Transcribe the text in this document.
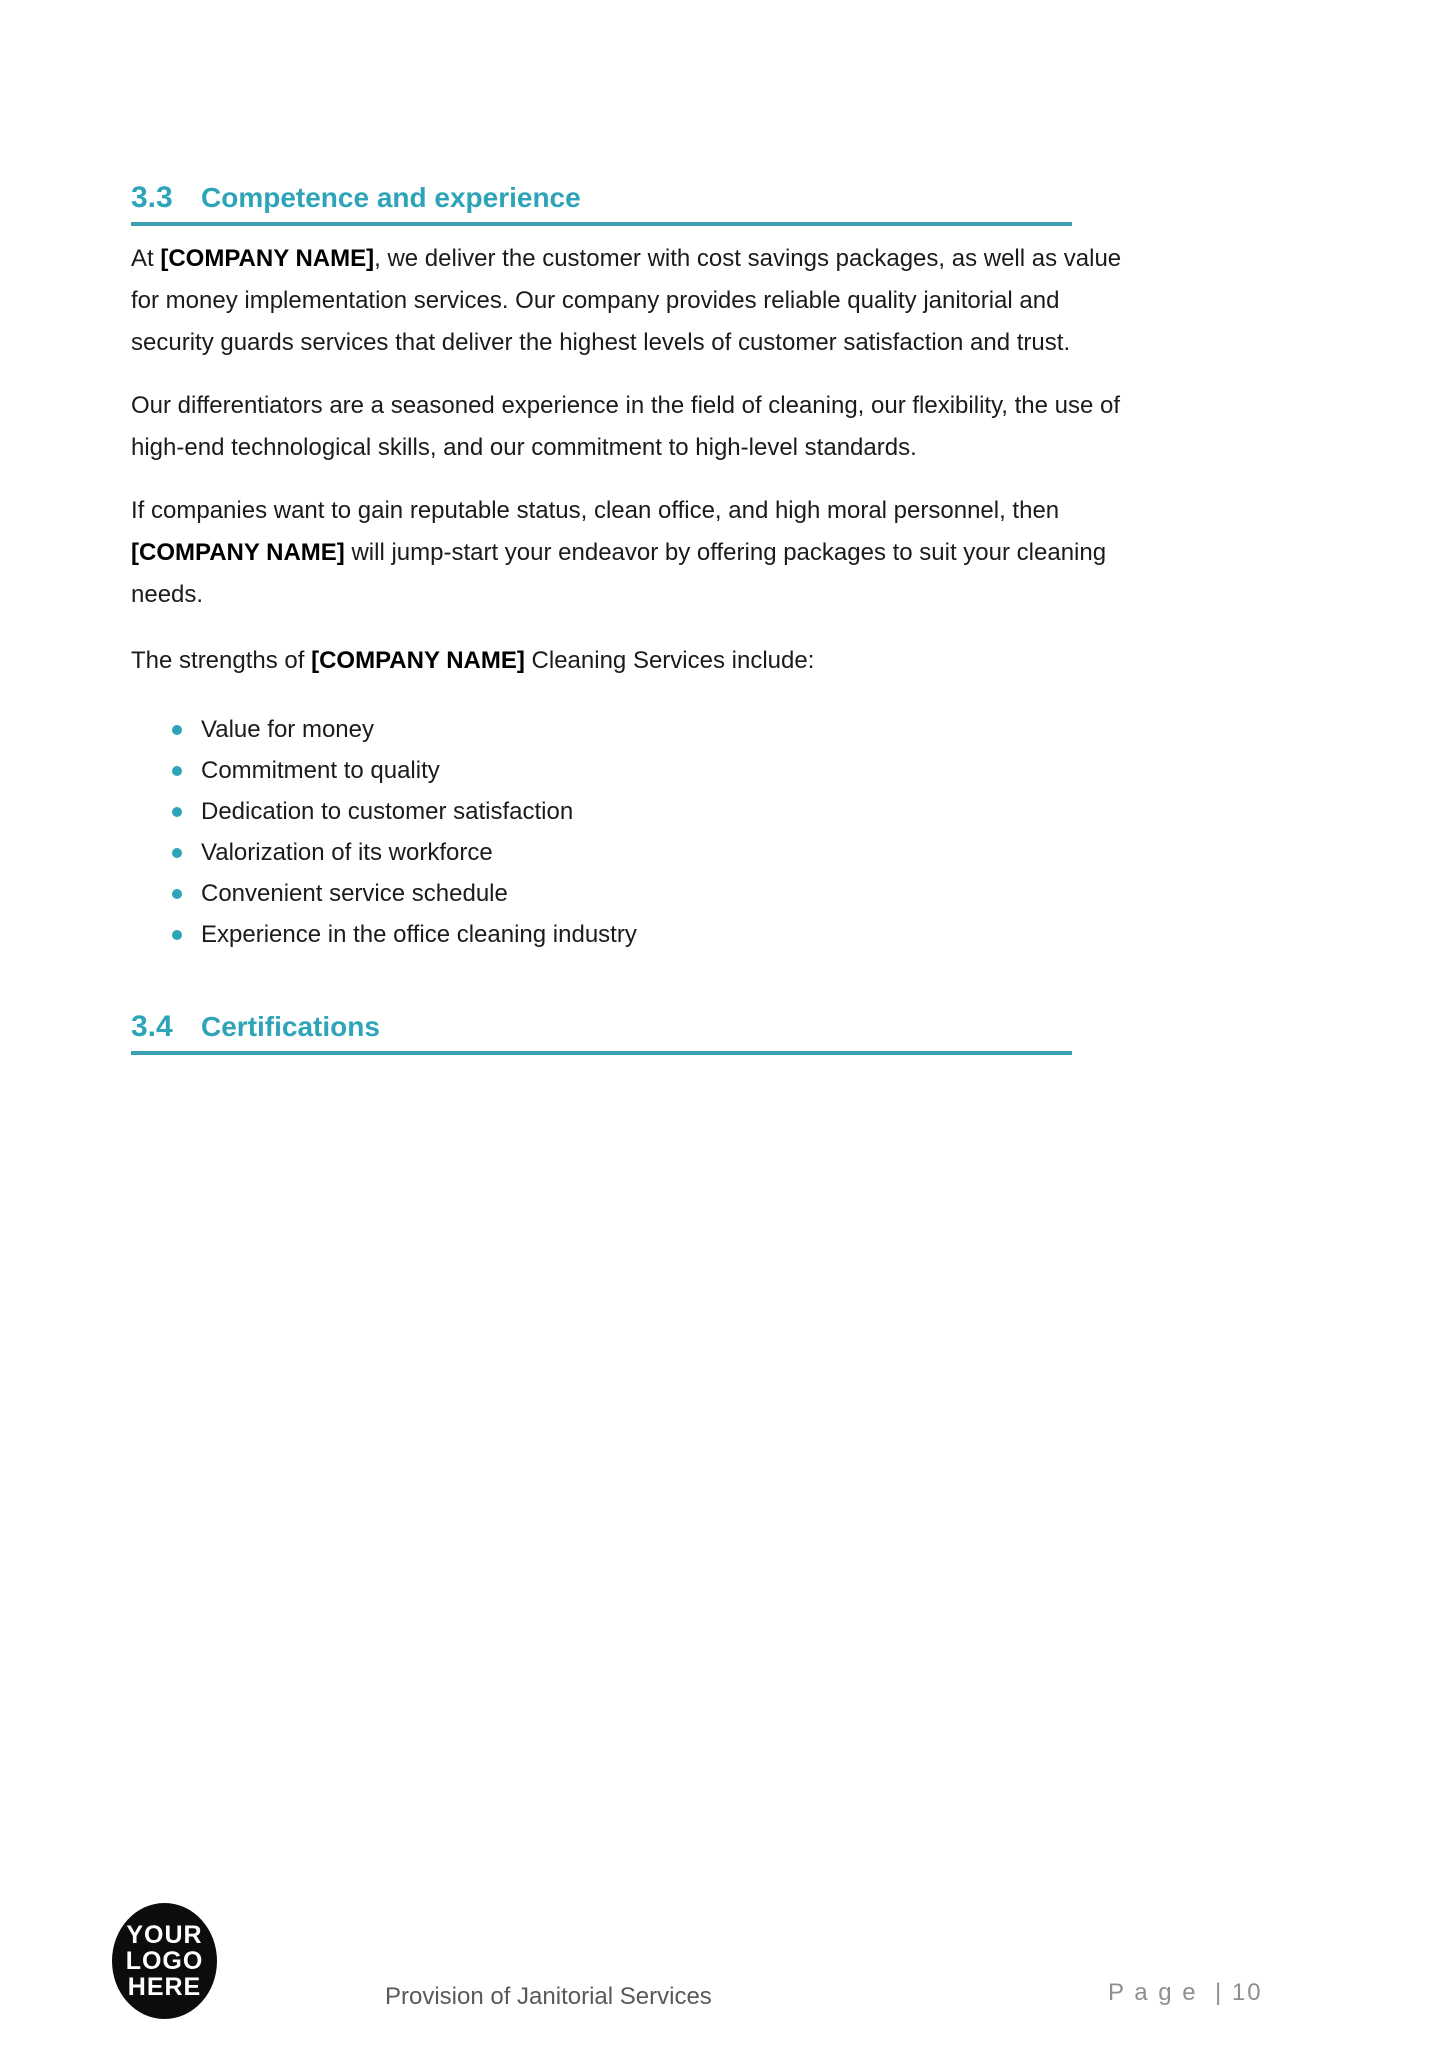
3.3	Competence and experience

At [COMPANY NAME], we deliver the customer with cost savings packages, as well as value for money implementation services. Our company provides reliable quality janitorial and security guards services that deliver the highest levels of customer satisfaction and trust.

Our differentiators are a seasoned experience in the field of cleaning, our flexibility, the use of high-end technological skills, and our commitment to high-level standards.

If companies want to gain reputable status, clean office, and high moral personnel, then [COMPANY NAME] will jump-start your endeavor by offering packages to suit your cleaning needs.

The strengths of [COMPANY NAME] Cleaning Services include:

Value for money
Commitment to quality
Dedication to customer satisfaction
Valorization of its workforce
Convenient service schedule
Experience in the office cleaning industry
3.4	Certifications
YOUR
LOGO
HERE	Provision of Janitorial Services	P a g e  | 10
